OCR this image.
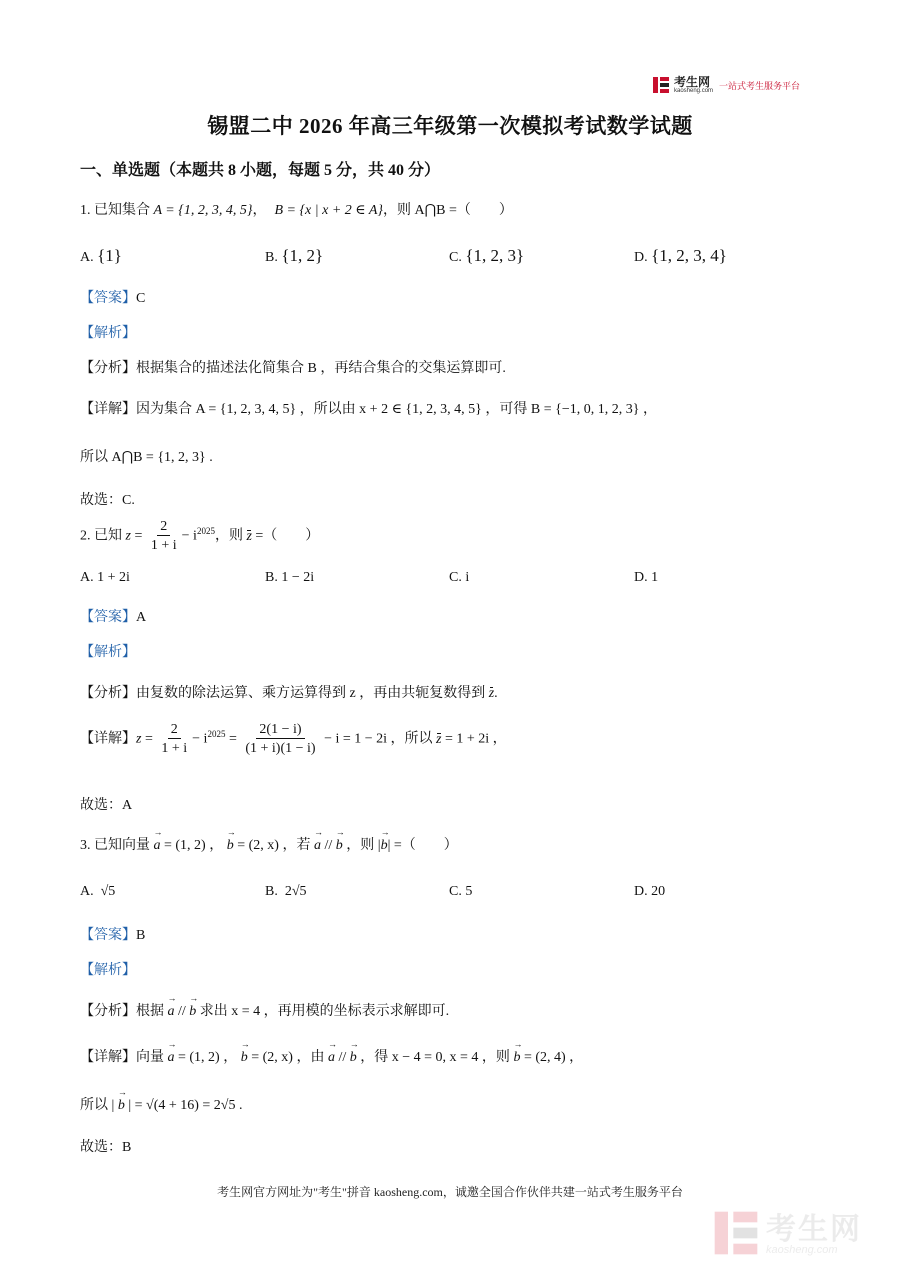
考生网
kaosheng.com
一站式考生服务平台
锡盟二中 2026 年高三年级第一次模拟考试数学试题
一、单选题（本题共 8 小题，每题 5 分，共 40 分）
1. 已知集合 A = {1, 2, 3, 4, 5}， B = {x | x + 2 ∈ A}，则 A⋂B =（　　）
A. {1}	B. {1, 2}	C. {1, 2, 3}	D. {1, 2, 3, 4}
【答案】C
【解析】
【分析】根据集合的描述法化简集合 B ，再结合集合的交集运算即可.
【详解】因为集合 A = {1, 2, 3, 4, 5} ，所以由 x + 2 ∈ {1, 2, 3, 4, 5} ，可得 B = {−1, 0, 1, 2, 3} ，
所以 A⋂B = {1, 2, 3} .
故选：C.
2. 已知 $z = \frac{2}{1 + i} - i^{2025}$，则 z =（　　）
A. 1 + 2i	B. 1 − 2i	C. i	D. 1
【答案】A
【解析】
【分析】由复数的除法运算、乘方运算得到 z ，再由共轭复数得到 z.
【详解】$z = \frac{2}{1 + i} - i^{2025} = \frac{2(1 - i)}{(1 + i)(1 - i)} - i = 1 - 2i$ ，所以 z = 1 + 2i ，
故选：A
3. 已知向量 → a = (1, 2) ， → b = (2, x) ，若 → a // → b ，则 |→ b| =（　　）
A. √5	B. 2√5	C. 5	D. 20
【答案】B
【解析】
【分析】根据 → a // → b 求出 x = 4 ，再用模的坐标表示求解即可.
【详解】向量 → a = (1, 2) ， → b = (2, x) ，由 → a // → b ，得 x − 4 = 0, x = 4 ，则 → b = (2, 4) ，
所以 | → b | = √(4 + 16) = 2√5 .
故选：B
考生网官方网址为"考生"拼音 kaosheng.com，诚邀全国合作伙伴共建一站式考生服务平台
考生网
kaosheng.com
